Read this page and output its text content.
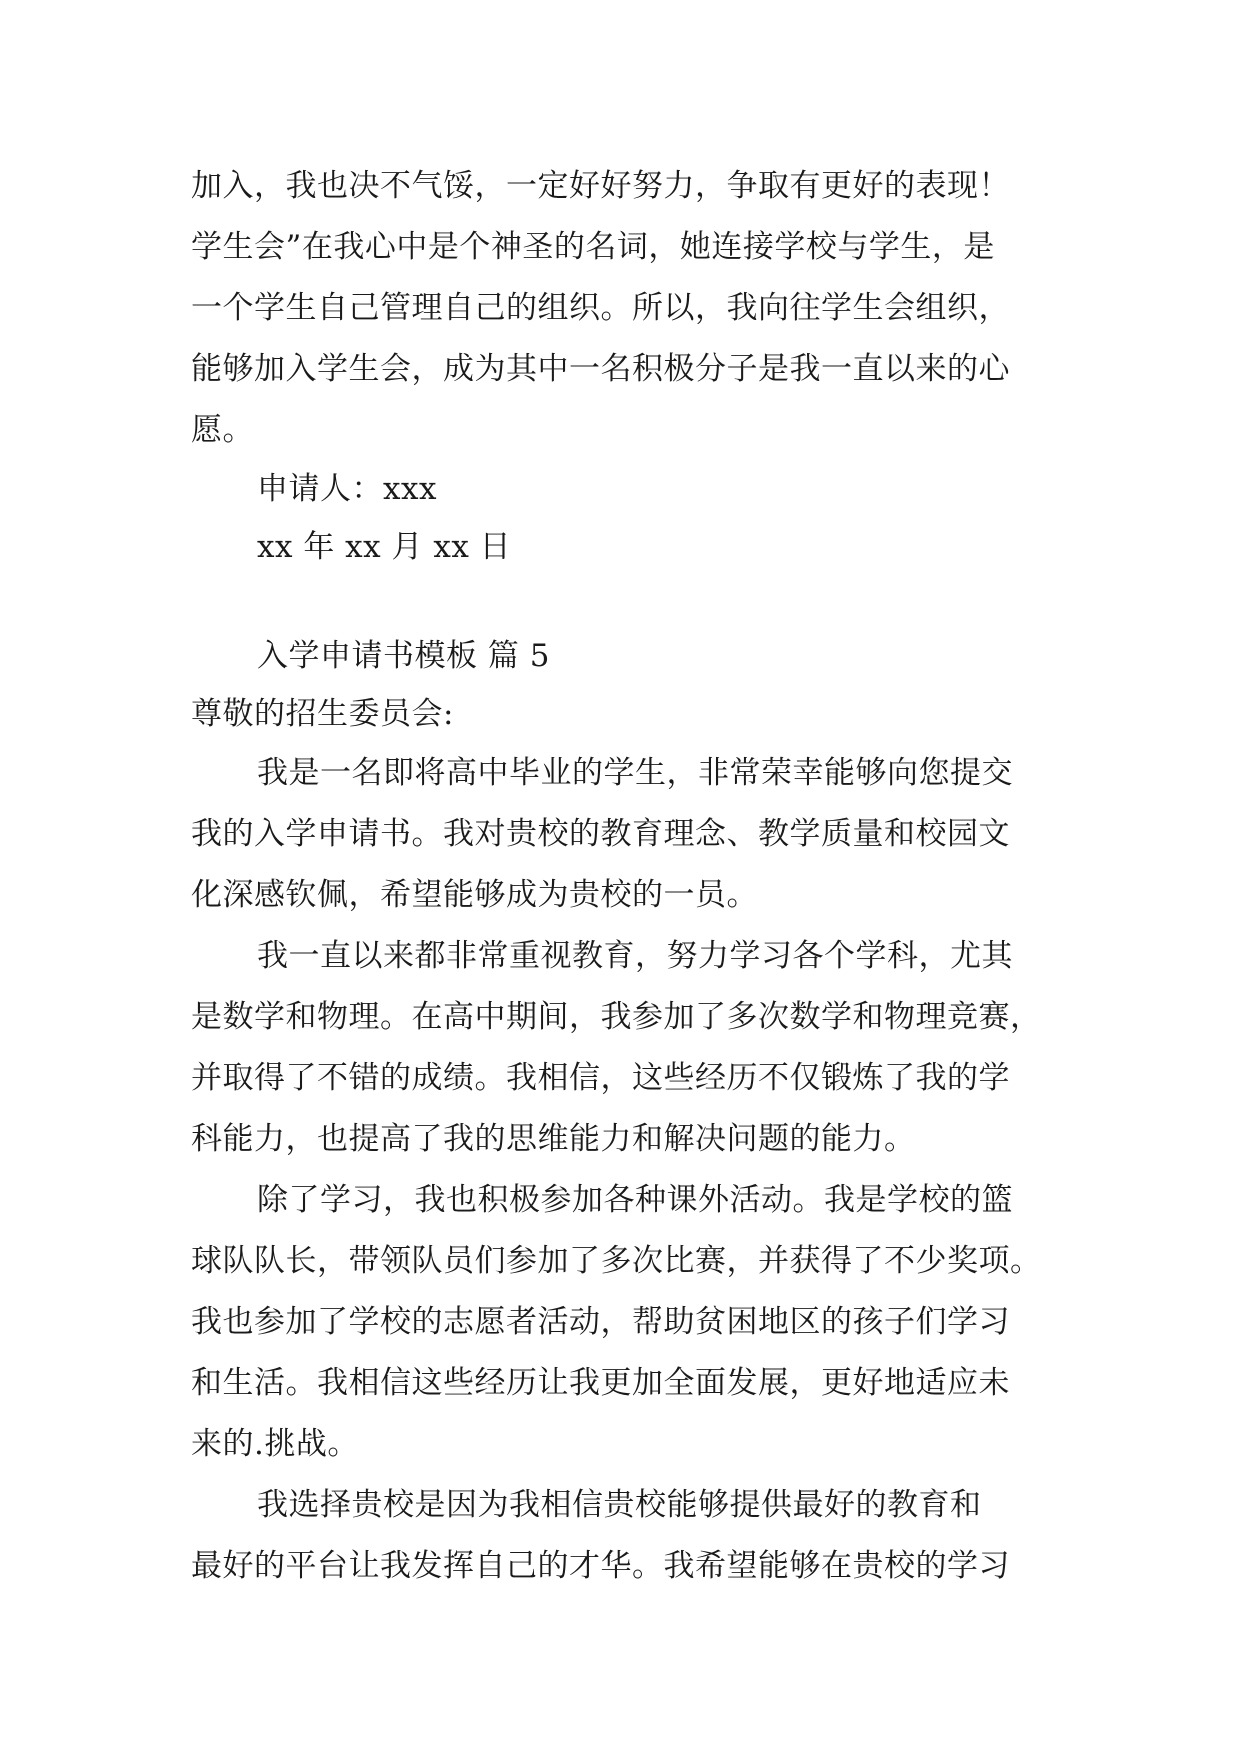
加入，我也决不气馁，一定好好努力，争取有更好的表现！
学生会”在我心中是个神圣的名词，她连接学校与学生，是
一个学生自己管理自己的组织。所以，我向往学生会组织，
能够加入学生会，成为其中一名积极分子是我一直以来的心
愿。
申请人：xxx
xx 年 xx 月 xx 日
入学申请书模板 篇 5
尊敬的招生委员会:
我是一名即将高中毕业的学生，非常荣幸能够向您提交
我的入学申请书。我对贵校的教育理念、教学质量和校园文
化深感钦佩，希望能够成为贵校的一员。
我一直以来都非常重视教育，努力学习各个学科，尤其
是数学和物理。在高中期间，我参加了多次数学和物理竞赛，
并取得了不错的成绩。我相信，这些经历不仅锻炼了我的学
科能力，也提高了我的思维能力和解决问题的能力。
除了学习，我也积极参加各种课外活动。我是学校的篮
球队队长，带领队员们参加了多次比赛，并获得了不少奖项。
我也参加了学校的志愿者活动，帮助贫困地区的孩子们学习
和生活。我相信这些经历让我更加全面发展，更好地适应未
来的.挑战。
我选择贵校是因为我相信贵校能够提供最好的教育和
最好的平台让我发挥自己的才华。我希望能够在贵校的学习
